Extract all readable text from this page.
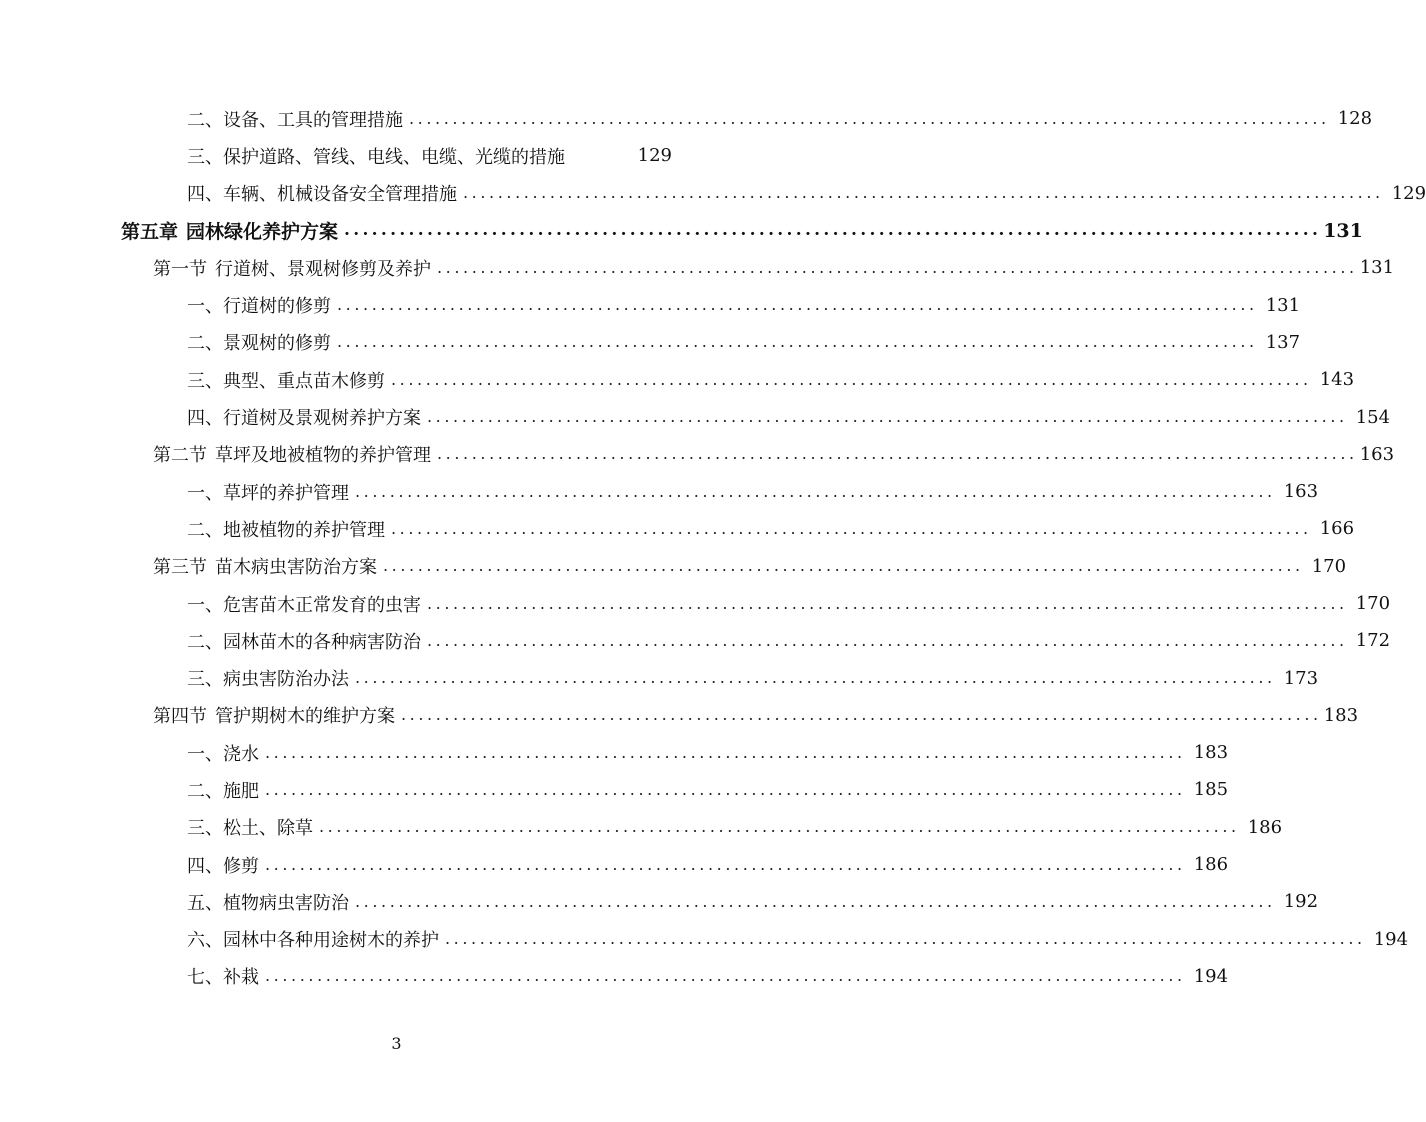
二、设备、工具的管理措施 .......................................................................................................... 128
三、保护道路、管线、电线、电缆、光缆的措施	129
四、车辆、机械设备安全管理措施 .......................................................................................................... 129
第五章 园林绿化养护方案 .......................................................................................................... 131
第一节 行道树、景观树修剪及养护 .......................................................................................................... 131
一、行道树的修剪 .......................................................................................................... 131
二、景观树的修剪 .......................................................................................................... 137
三、典型、重点苗木修剪 .......................................................................................................... 143
四、行道树及景观树养护方案 .......................................................................................................... 154
第二节 草坪及地被植物的养护管理 .......................................................................................................... 163
一、草坪的养护管理 .......................................................................................................... 163
二、地被植物的养护管理 .......................................................................................................... 166
第三节 苗木病虫害防治方案 .......................................................................................................... 170
一、危害苗木正常发育的虫害 .......................................................................................................... 170
二、园林苗木的各种病害防治 .......................................................................................................... 172
三、病虫害防治办法 .......................................................................................................... 173
第四节 管护期树木的维护方案 .......................................................................................................... 183
一、浇水 .......................................................................................................... 183
二、施肥 .......................................................................................................... 185
三、松土、除草 .......................................................................................................... 186
四、修剪 .......................................................................................................... 186
五、植物病虫害防治 .......................................................................................................... 192
六、园林中各种用途树木的养护 .......................................................................................................... 194
七、补栽 .......................................................................................................... 194
3
